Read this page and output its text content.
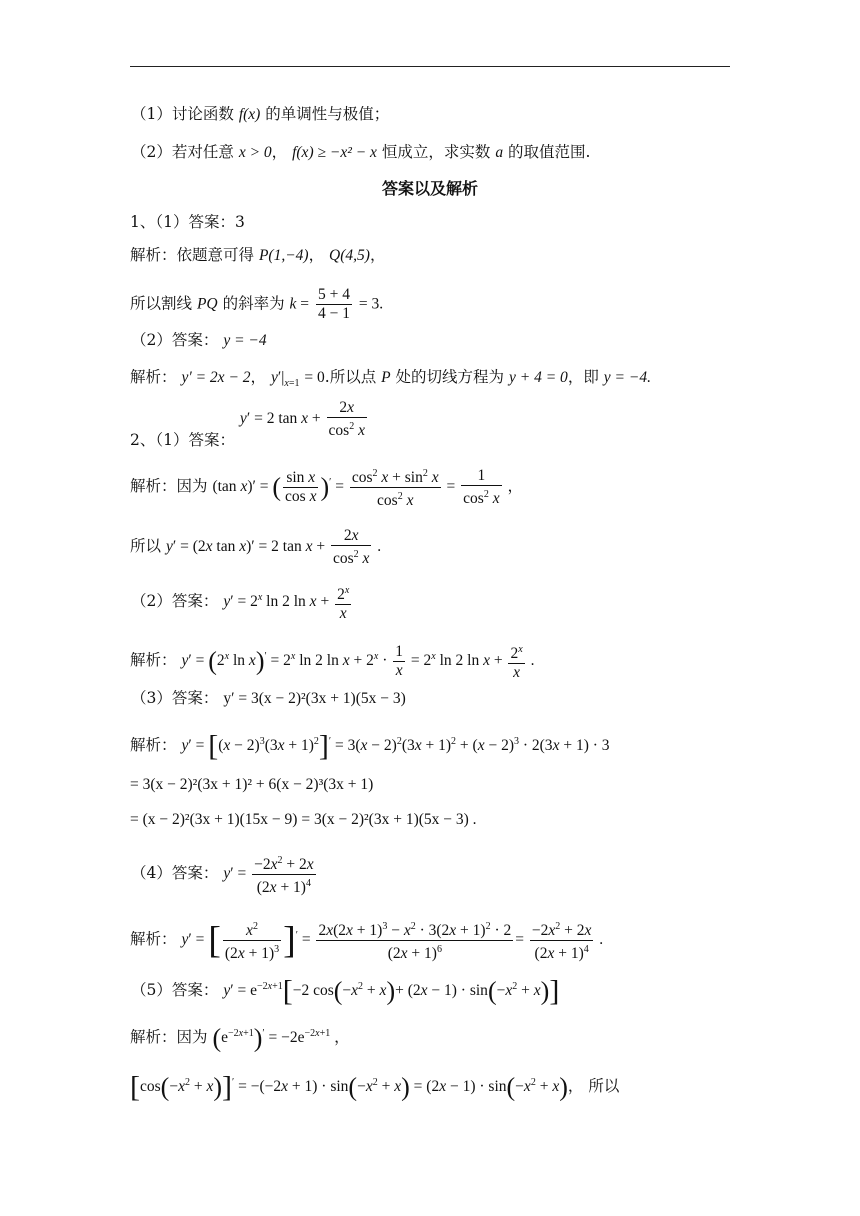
（1）讨论函数 f(x) 的单调性与极值；
（2）若对任意 x > 0， f(x) ≥ −x² − x 恒成立，求实数 a 的取值范围.
答案以及解析
1、（1）答案：3
解析：依题意可得 P(1,−4)， Q(4,5)，
所以割线 PQ 的斜率为 $k = \frac{5 + 4}{4 - 1} = 3$.
（2）答案： y = −4
解析： y′ = 2x − 2， $y'|_{x=1} = 0$.所以点 P 处的切线方程为 y + 4 = 0，即 y = −4.
2、（1）答案： y′ = 2 $\tan x + \frac{2x}{\cos^2 x}$
解析：因为 (tan x)′ = ( $\frac{\text{sin x}}{\text{cos x}} )' = \frac{\cos^2 x + \sin^2 x}{\cos^2 x} = \frac{1}{\cos^2 x}$ ，
所以 y′ = (2x tan x)′ = 2 $\tan x + \frac{2x}{\cos^2 x}$ .
（2）答案： $y' = 2^x$ ln 2 $\ln x + \frac{2^x}{x}$
解析： $y' = (2^x$ $\ln x)' = 2^x$ ln 2 $\ln x + 2^x \cdot \frac{1}{x} = 2^x$ ln 2 $\ln x + \frac{2^x}{x}$ .
（3）答案： y′ = 3(x − 2)²(3x + 1)(5x − 3)
解析： $y' = [(x - 2)^3(3x + 1)^2]' = 3(x - 2)^2(3x + 1)^2 + (x - 2)^3 \cdot 2(3x + 1) \cdot 3$
= 3(x − 2)²(3x + 1)² + 6(x − 2)³(3x + 1)
= (x − 2)²(3x + 1)(15x − 9) = 3(x − 2)²(3x + 1)(5x − 3) .
（4）答案： $y' = \frac{-2x^2 + 2x}{(2x + 1)^4}$
解析： y′ = [ $\frac{x^2}{(2x + 1)^3} ]' = \frac{2x(2x + 1)^3 - x^2 \cdot 3(2x + 1)^2 \cdot 2}{(2x + 1)^6} = \frac{-2x^2 + 2x}{(2x + 1)^4}$ .
（5）答案： $y' = e^{-2x+1}[-2$ $\cos(-x^2 + x)+ (2x - 1) \cdot \sin(-x^2 + x)$]
解析：因为 $(e^{-2x+1})' = -2e^{-2x+1}$ ，
$[\cos(-x^2 + x)]' = -(-2x + 1) \cdot \sin(-x^2 + x) = (2x - 1) \cdot \sin(-x^2 + x)$， 所以
